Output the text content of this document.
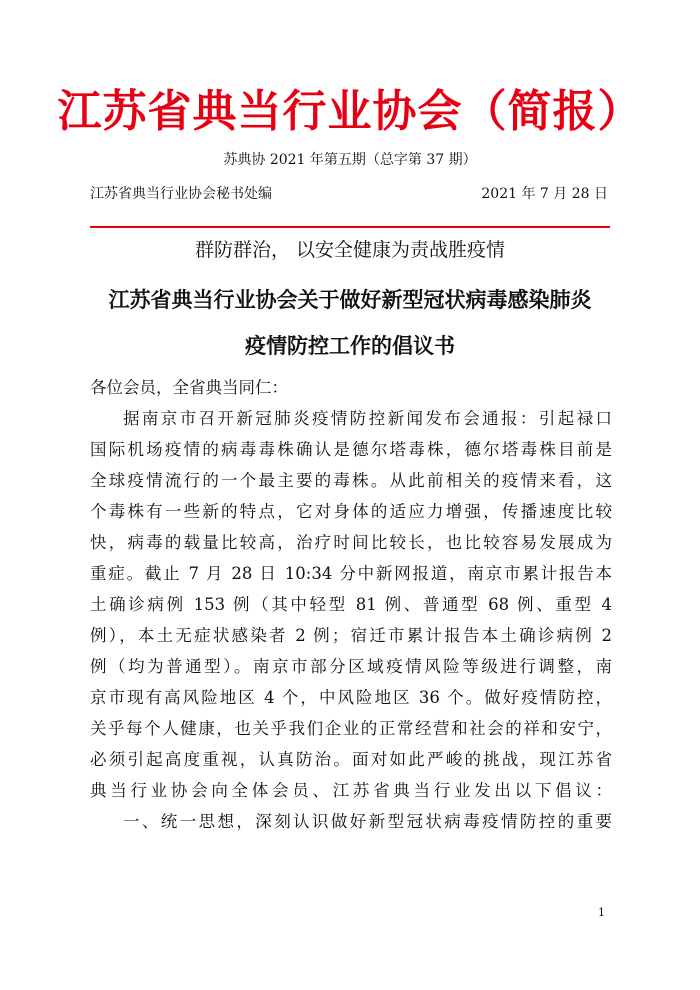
江苏省典当行业协会（简报）
苏典协 2021 年第五期（总字第 37 期）
江苏省典当行业协会秘书处编	2021 年 7 月 28 日
群防群治， 以安全健康为责战胜疫情
江苏省典当行业协会关于做好新型冠状病毒感染肺炎
疫情防控工作的倡议书
各位会员，全省典当同仁：
据南京市召开新冠肺炎疫情防控新闻发布会通报：引起禄口
国际机场疫情的病毒毒株确认是德尔塔毒株，德尔塔毒株目前是
全球疫情流行的一个最主要的毒株。从此前相关的疫情来看，这
个毒株有一些新的特点，它对身体的适应力增强，传播速度比较
快，病毒的载量比较高，治疗时间比较长，也比较容易发展成为
重症。截止 7 月 28 日 10:34 分中新网报道，南京市累计报告本
土确诊病例 153 例（其中轻型 81 例、普通型 68 例、重型 4
例），本土无症状感染者 2 例；宿迁市累计报告本土确诊病例 2
例（均为普通型）。南京市部分区域疫情风险等级进行调整，南
京市现有高风险地区 4 个，中风险地区 36 个。做好疫情防控，
关乎每个人健康，也关乎我们企业的正常经营和社会的祥和安宁，
必须引起高度重视，认真防治。面对如此严峻的挑战，现江苏省
典当行业协会向全体会员、江苏省典当行业发出以下倡议：
一、统一思想，深刻认识做好新型冠状病毒疫情防控的重要
1
